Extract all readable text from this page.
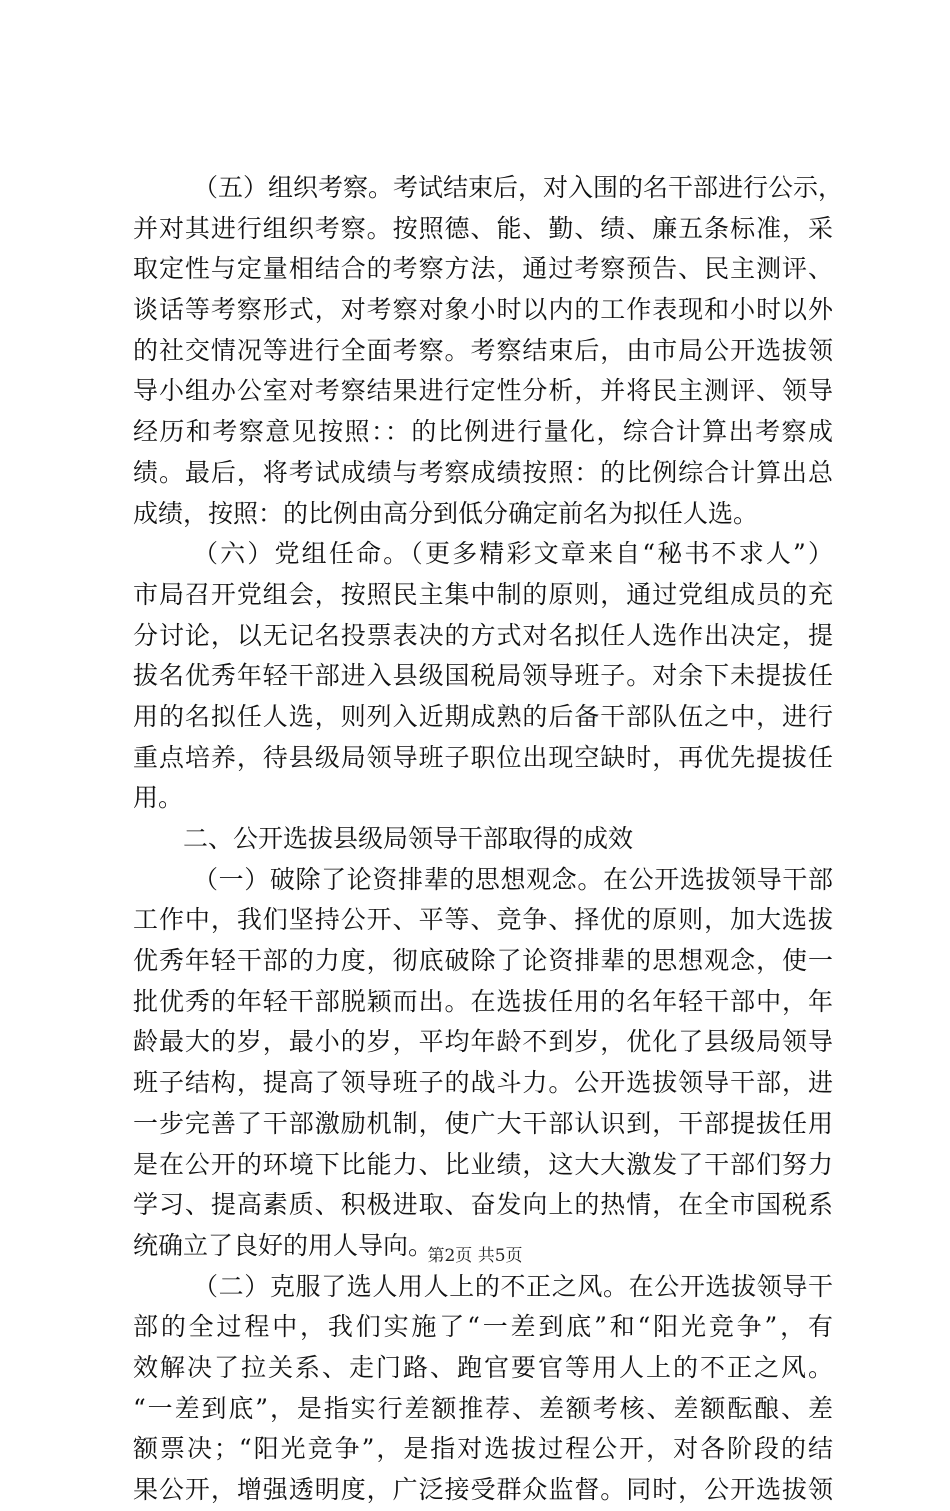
（五）组织考察。考试结束后，对入围的名干部进行公示，
并对其进行组织考察。按照德、能、勤、绩、廉五条标准，采
取定性与定量相结合的考察方法，通过考察预告、民主测评、
谈话等考察形式，对考察对象小时以内的工作表现和小时以外
的社交情况等进行全面考察。考察结束后，由市局公开选拔领
导小组办公室对考察结果进行定性分析，并将民主测评、领导
经历和考察意见按照：：的比例进行量化，综合计算出考察成
绩。最后，将考试成绩与考察成绩按照：的比例综合计算出总
成绩，按照：的比例由高分到低分确定前名为拟任人选。
（六）党组任命。（更多精彩文章来自“秘书不求人”）
市局召开党组会，按照民主集中制的原则，通过党组成员的充
分讨论，以无记名投票表决的方式对名拟任人选作出决定，提
拔名优秀年轻干部进入县级国税局领导班子。对余下未提拔任
用的名拟任人选，则列入近期成熟的后备干部队伍之中，进行
重点培养，待县级局领导班子职位出现空缺时，再优先提拔任
用。
二、公开选拔县级局领导干部取得的成效
（一）破除了论资排辈的思想观念。在公开选拔领导干部
工作中，我们坚持公开、平等、竞争、择优的原则，加大选拔
优秀年轻干部的力度，彻底破除了论资排辈的思想观念，使一
批优秀的年轻干部脱颖而出。在选拔任用的名年轻干部中，年
龄最大的岁，最小的岁，平均年龄不到岁，优化了县级局领导
班子结构，提高了领导班子的战斗力。公开选拔领导干部，进
一步完善了干部激励机制，使广大干部认识到，干部提拔任用
是在公开的环境下比能力、比业绩，这大大激发了干部们努力
学习、提高素质、积极进取、奋发向上的热情，在全市国税系
统确立了良好的用人导向。
（二）克服了选人用人上的不正之风。在公开选拔领导干
部的全过程中，我们实施了“一差到底”和“阳光竞争”，有
效解决了拉关系、走门路、跑官要官等用人上的不正之风。
“一差到底”，是指实行差额推荐、差额考核、差额酝酿、差
额票决；“阳光竞争”，是指对选拔过程公开，对各阶段的结
果公开，增强透明度，广泛接受群众监督。同时，公开选拔领
第2页 共5页
